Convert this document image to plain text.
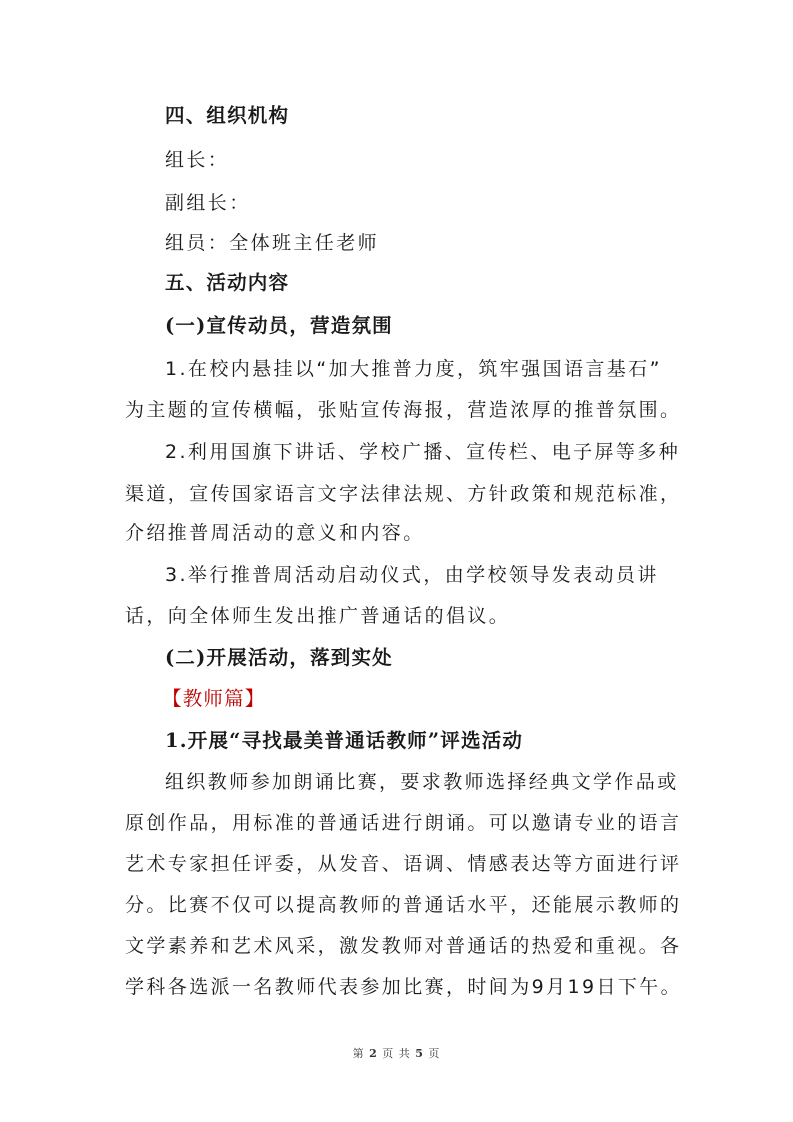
四、组织机构
组长：
副组长：
组员：全体班主任老师
五、活动内容
(一)宣传动员，营造氛围
1.在校内悬挂以“加大推普力度，筑牢强国语言基石”
为主题的宣传横幅，张贴宣传海报，营造浓厚的推普氛围。
2.利用国旗下讲话、学校广播、宣传栏、电子屏等多种
渠道，宣传国家语言文字法律法规、方针政策和规范标准，
介绍推普周活动的意义和内容。
3.举行推普周活动启动仪式，由学校领导发表动员讲
话，向全体师生发出推广普通话的倡议。
(二)开展活动，落到实处
【教师篇】
1.开展“寻找最美普通话教师”评选活动
组织教师参加朗诵比赛，要求教师选择经典文学作品或
原创作品，用标准的普通话进行朗诵。可以邀请专业的语言
艺术专家担任评委，从发音、语调、情感表达等方面进行评
分。比赛不仅可以提高教师的普通话水平，还能展示教师的
文学素养和艺术风采，激发教师对普通话的热爱和重视。各
学科各选派一名教师代表参加比赛，时间为9月19日下午。
第 2 页 共 5 页
